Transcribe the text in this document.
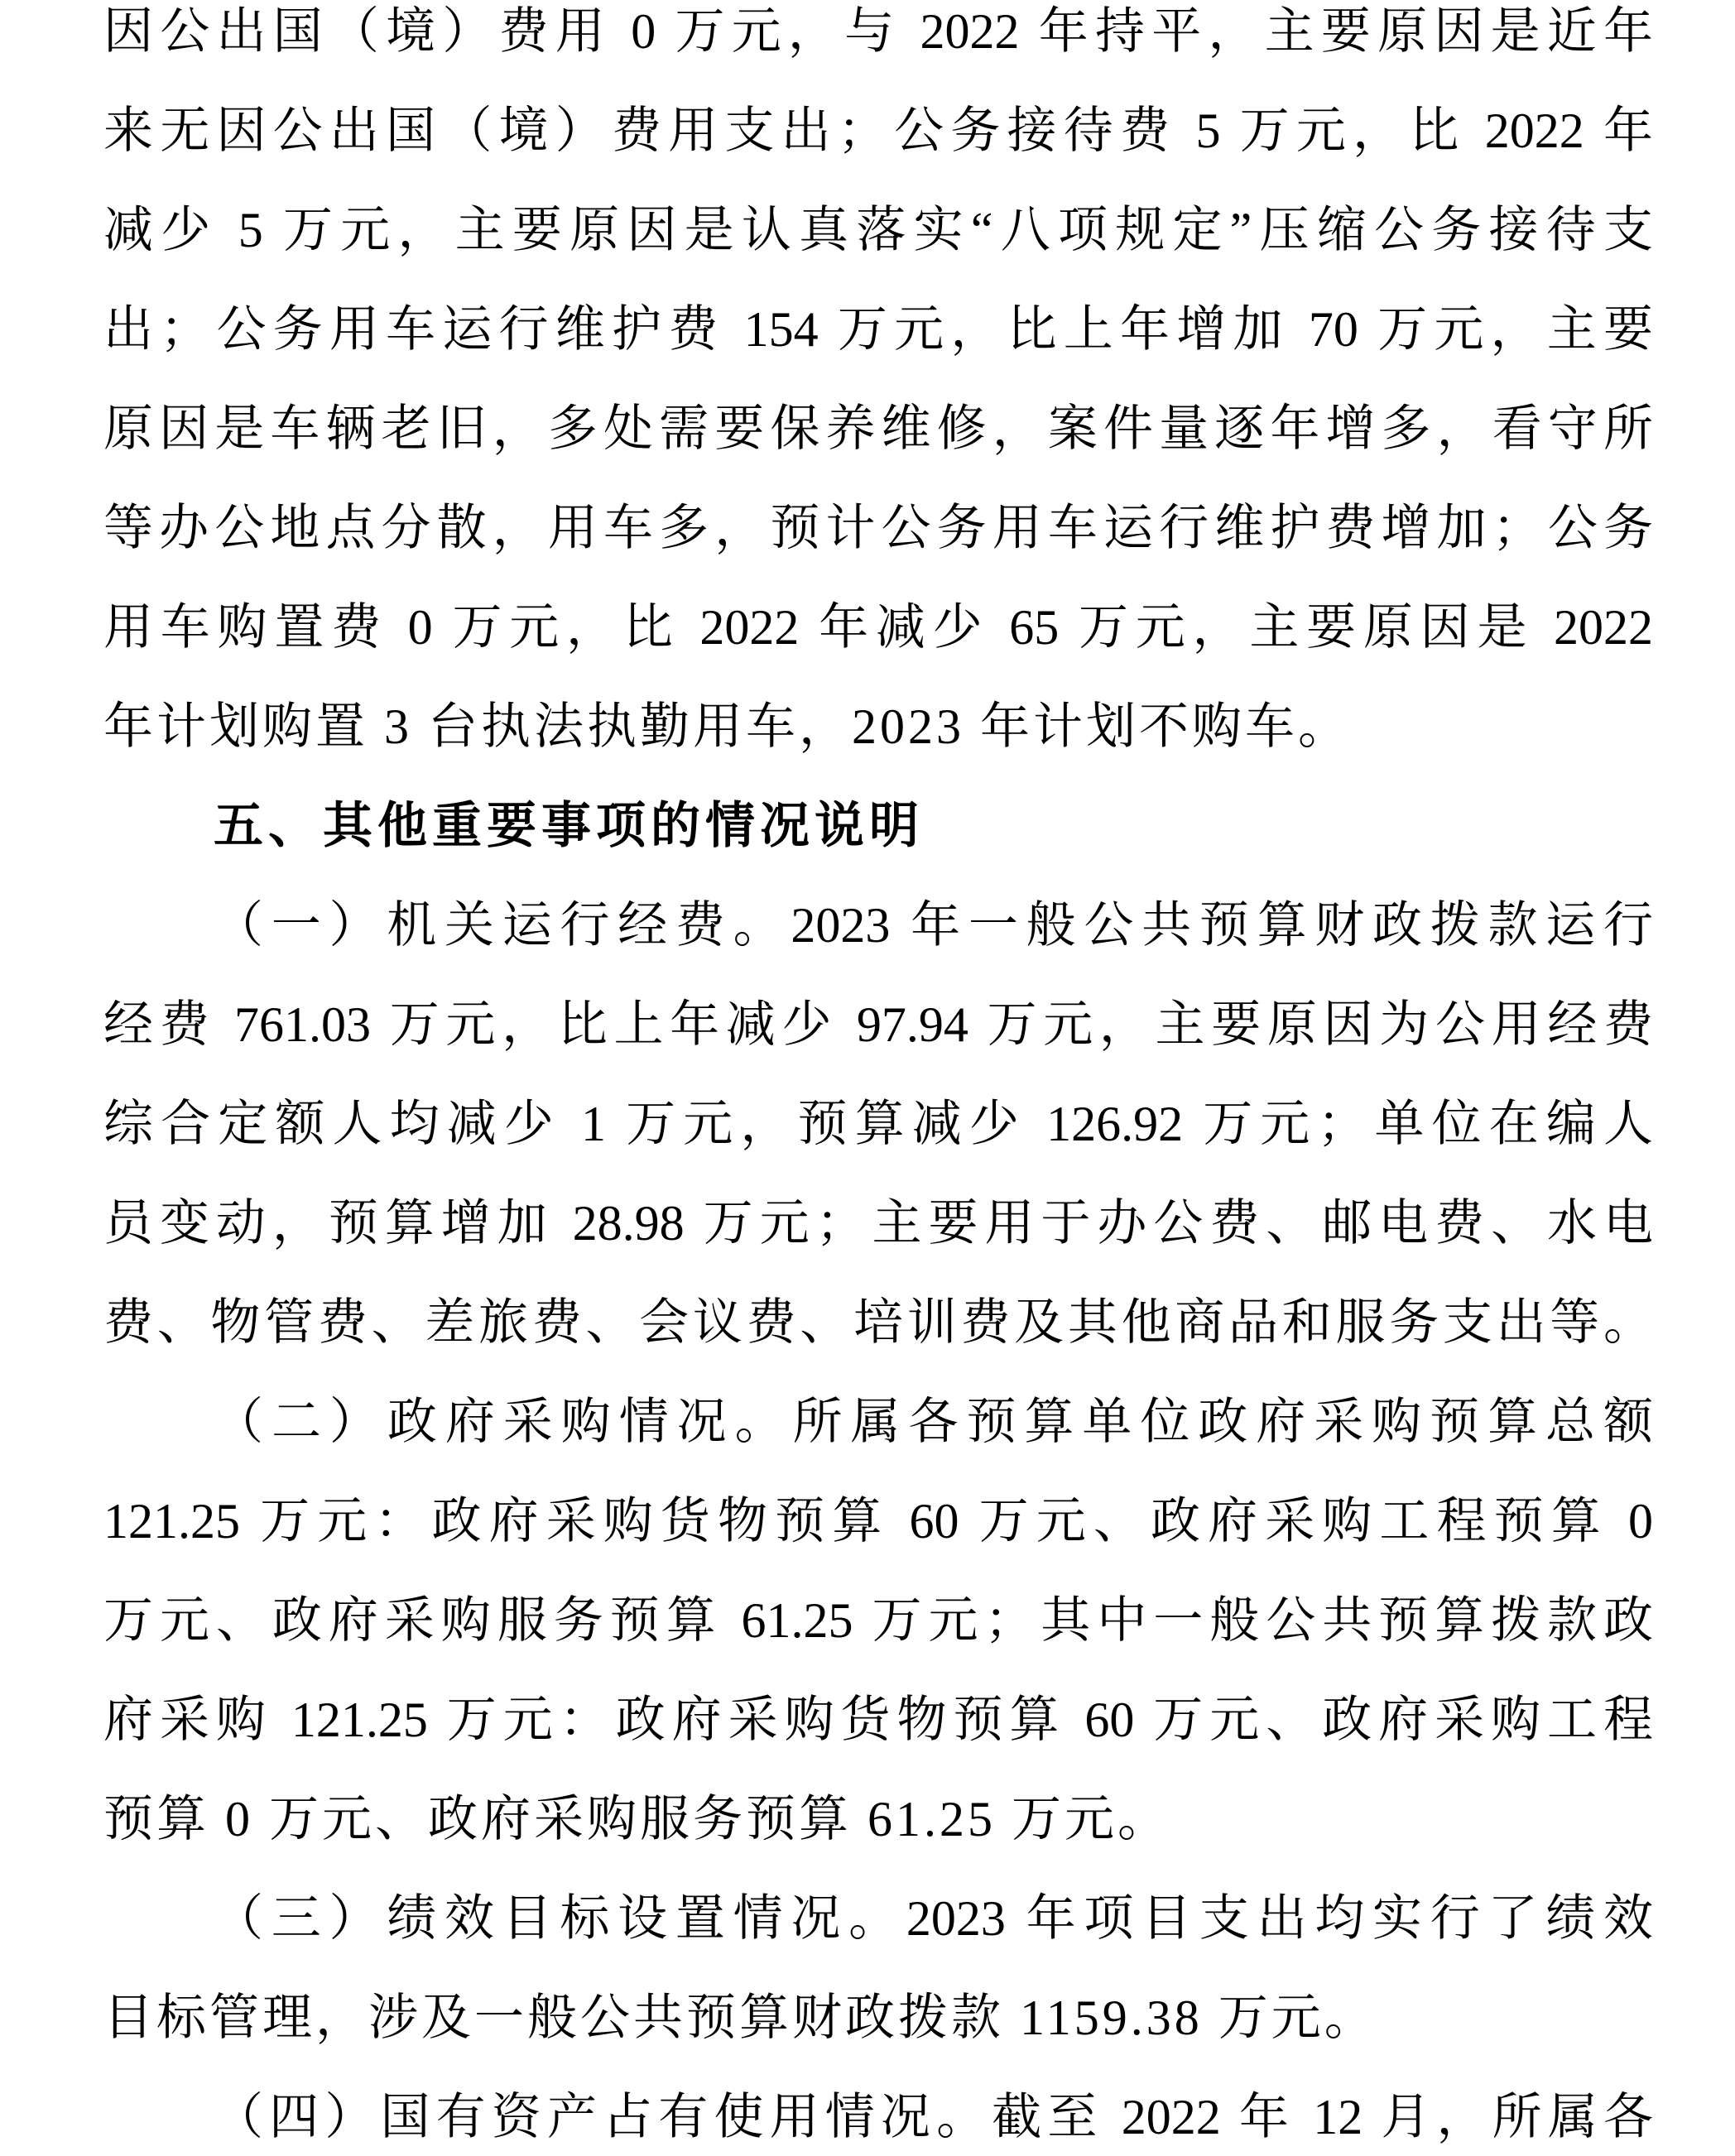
因公出国（境）费用 0 万元，与 2022 年持平，主要原因是近年
来无因公出国（境）费用支出；公务接待费 5 万元，比 2022 年
减少 5 万元，主要原因是认真落实“八项规定”压缩公务接待支
出；公务用车运行维护费 154 万元，比上年增加 70 万元，主要
原因是车辆老旧，多处需要保养维修，案件量逐年增多，看守所
等办公地点分散，用车多，预计公务用车运行维护费增加；公务
用车购置费 0 万元，比 2022 年减少 65 万元，主要原因是 2022
年计划购置 3 台执法执勤用车，2023 年计划不购车。
五、其他重要事项的情况说明
（一）机关运行经费。2023 年一般公共预算财政拨款运行
经费 761.03 万元，比上年减少 97.94 万元，主要原因为公用经费
综合定额人均减少 1 万元，预算减少 126.92 万元；单位在编人
员变动，预算增加 28.98 万元；主要用于办公费、邮电费、水电
费、物管费、差旅费、会议费、培训费及其他商品和服务支出等。
（二）政府采购情况。所属各预算单位政府采购预算总额
121.25 万元：政府采购货物预算 60 万元、政府采购工程预算 0
万元、政府采购服务预算 61.25 万元；其中一般公共预算拨款政
府采购 121.25 万元：政府采购货物预算 60 万元、政府采购工程
预算 0 万元、政府采购服务预算 61.25 万元。
（三）绩效目标设置情况。2023 年项目支出均实行了绩效
目标管理，涉及一般公共预算财政拨款 1159.38 万元。
（四）国有资产占有使用情况。截至 2022 年 12 月，所属各
